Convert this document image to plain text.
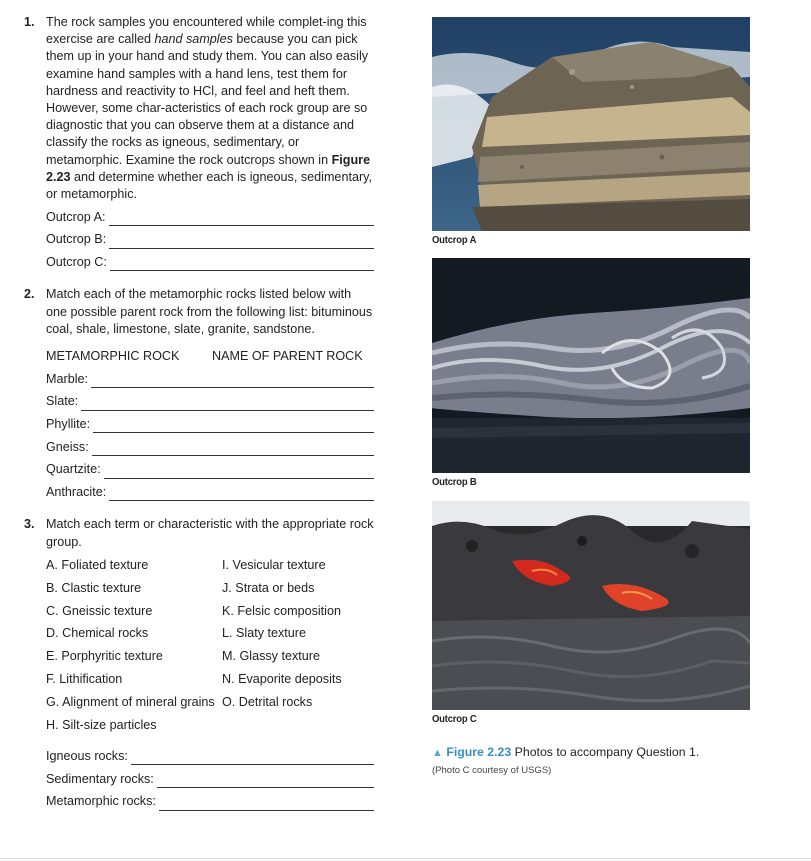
1. The rock samples you encountered while complet-ing this exercise are called hand samples because you can pick them up in your hand and study them. You can also easily examine hand samples with a hand lens, test them for hardness and reactivity to HCl, and feel and heft them. However, some char-acteristics of each rock group are so diagnostic that you can observe them at a distance and classify the rocks as igneous, sedimentary, or metamorphic. Examine the rock outcrops shown in Figure 2.23 and determine whether each is igneous, sedimentary, or metamorphic.
Outcrop A:
Outcrop B:
Outcrop C:
2. Match each of the metamorphic rocks listed below with one possible parent rock from the following list: bituminous coal, shale, limestone, slate, granite, sandstone.
METAMORPHIC ROCK	NAME OF PARENT ROCK
Marble:
Slate:
Phyllite:
Gneiss:
Quartzite:
Anthracite:
3. Match each term or characteristic with the appropriate rock group.
A. Foliated texture
B. Clastic texture
C. Gneissic texture
D. Chemical rocks
E. Porphyritic texture
F. Lithification
G. Alignment of mineral grains
H. Silt-size particles
I. Vesicular texture
J. Strata or beds
K. Felsic composition
L. Slaty texture
M. Glassy texture
N. Evaporite deposits
O. Detrital rocks
Igneous rocks:
Sedimentary rocks:
Metamorphic rocks:
Outcrop A
Outcrop B
Outcrop C
▲ Figure 2.23 Photos to accompany Question 1.
(Photo C courtesy of USGS)
